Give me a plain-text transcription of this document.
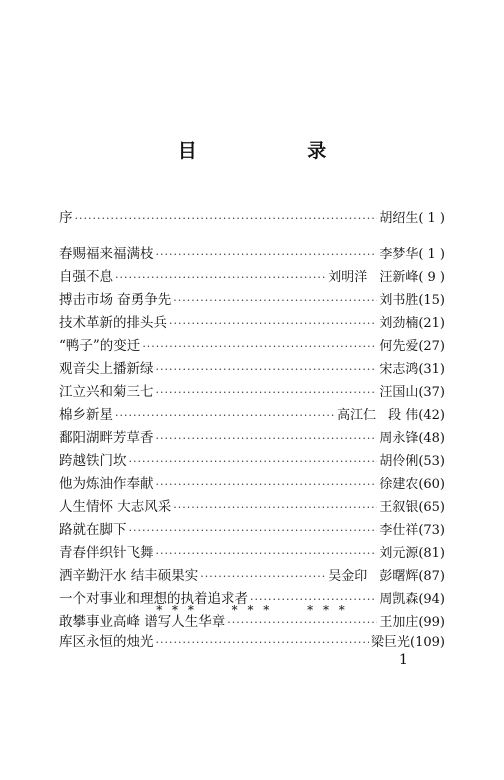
目 录
序 ·····	胡绍生( 1 )
春赐福来福满枝 ·····	李梦华( 1 )
自强不息 ·····	刘明洋 汪新峰( 9 )
搏击市场 奋勇争先 ·····	刘书胜(15)
技术革新的排头兵 ·····	刘劲楠(21)
“鸭子”的变迁 ·····	何先爱(27)
观音尖上播新绿 ·····	宋志鸿(31)
江立兴和菊三七 ·····	汪国山(37)
棉乡新星 ·····	高江仁 段 伟(42)
鄱阳湖畔芳草香 ·····	周永锋(48)
跨越铁门坎 ·····	胡伶俐(53)
他为炼油作奉献 ·····	徐建农(60)
人生情怀 大志风采 ·····	王叙银(65)
路就在脚下 ·····	李仕祥(73)
青春伴织针飞舞 ·····	刘元源(81)
洒辛勤汗水 结丰硕果实 ·····	吴金印 彭曙辉(87)
一个对事业和理想的执着追求者 ·····	周凯森(94)
敢攀事业高峰 谱写人生华章 ·····	王加庄(99)
库区永恒的烛光 ·····	梁巨光(109)
* * *	* * *	* * *
1
